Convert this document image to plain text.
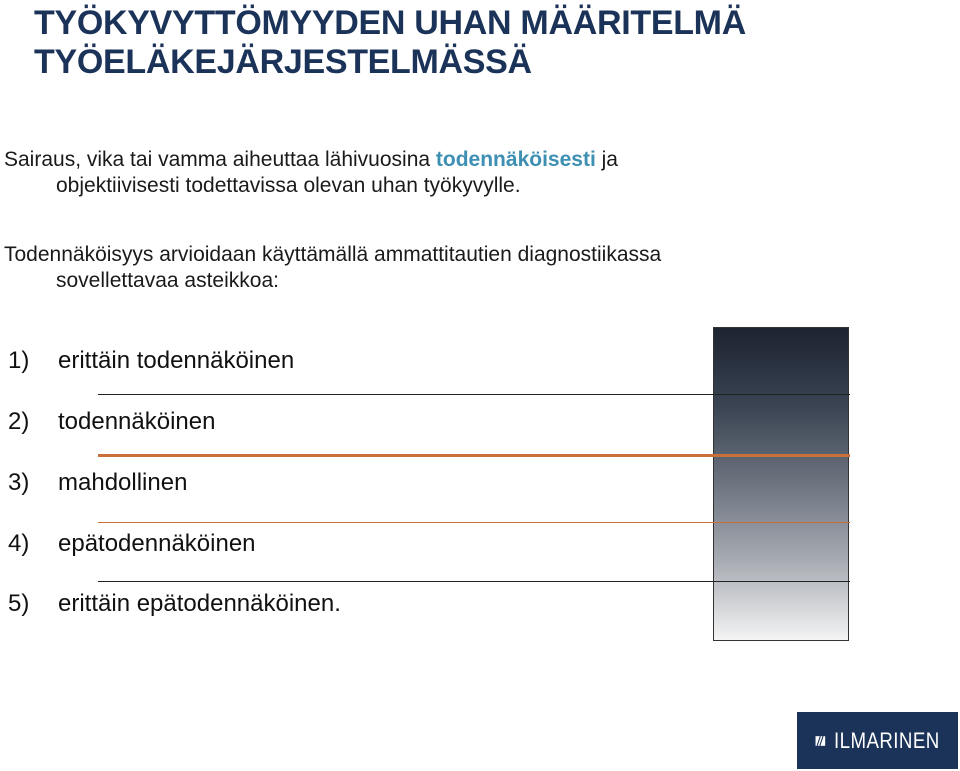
TYÖKYVYTTÖMYYDEN UHAN MÄÄRITELMÄ
TYÖELÄKEJÄRJESTELMÄSSÄ
Sairaus, vika tai vamma aiheuttaa lähivuosina todennäköisesti ja
objektiivisesti todettavissa olevan uhan työkyvylle.
Todennäköisyys arvioidaan käyttämällä ammattitautien diagnostiikassa
sovellettavaa asteikkoa:
1) erittäin todennäköinen
2) todennäköinen
3) mahdollinen
4) epätodennäköinen
5) erittäin epätodennäköinen.
ILMARINEN
